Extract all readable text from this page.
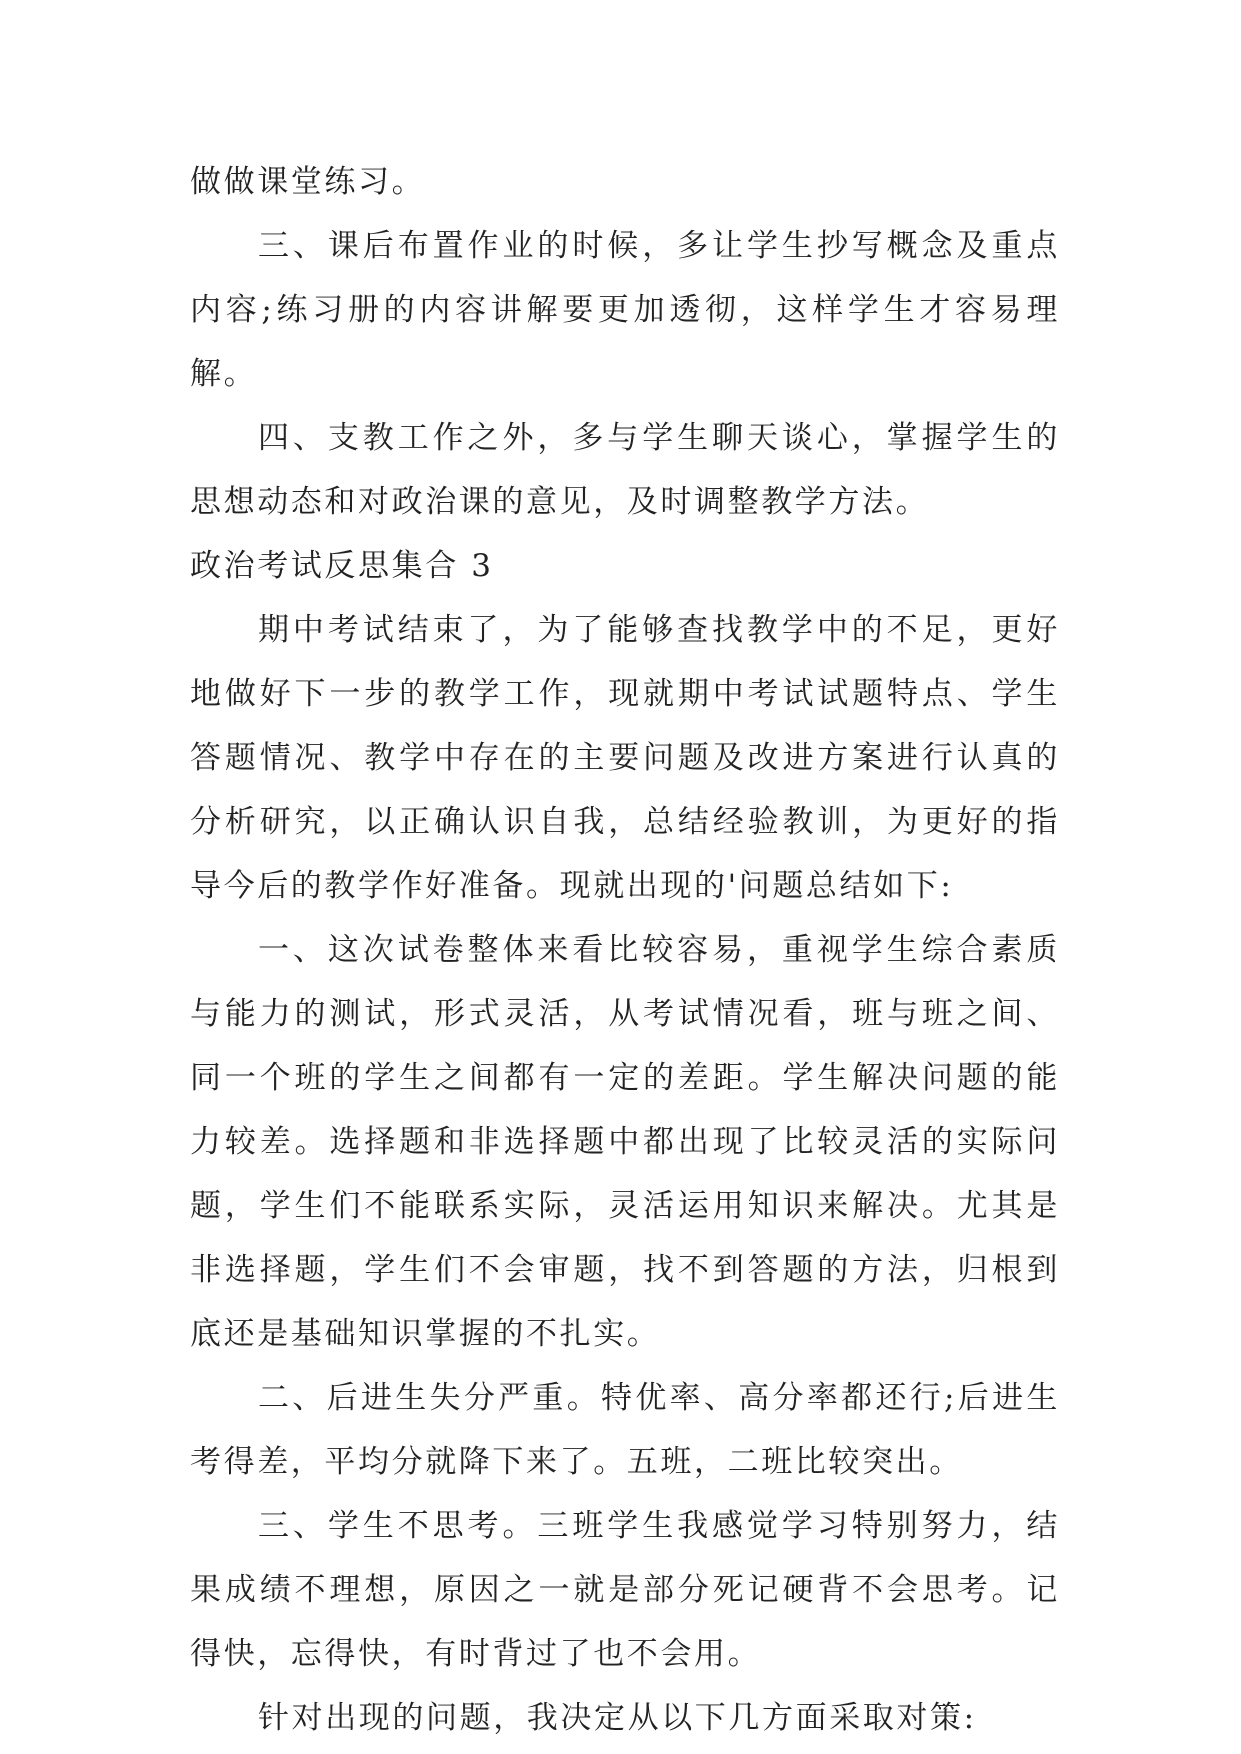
做做课堂练习。

三、课后布置作业的时候，多让学生抄写概念及重点内容;练习册的内容讲解要更加透彻，这样学生才容易理解。

四、支教工作之外，多与学生聊天谈心，掌握学生的思想动态和对政治课的意见，及时调整教学方法。

政治考试反思集合 3

期中考试结束了，为了能够查找教学中的不足，更好地做好下一步的教学工作，现就期中考试试题特点、学生答题情况、教学中存在的主要问题及改进方案进行认真的分析研究，以正确认识自我，总结经验教训，为更好的指导今后的教学作好准备。现就出现的'问题总结如下:

一、这次试卷整体来看比较容易，重视学生综合素质与能力的测试，形式灵活，从考试情况看，班与班之间、同一个班的学生之间都有一定的差距。学生解决问题的能力较差。选择题和非选择题中都出现了比较灵活的实际问题，学生们不能联系实际，灵活运用知识来解决。尤其是非选择题，学生们不会审题，找不到答题的方法，归根到底还是基础知识掌握的不扎实。

二、后进生失分严重。特优率、高分率都还行;后进生考得差，平均分就降下来了。五班，二班比较突出。

三、学生不思考。三班学生我感觉学习特别努力，结果成绩不理想，原因之一就是部分死记硬背不会思考。记得快，忘得快，有时背过了也不会用。

针对出现的问题，我决定从以下几方面采取对策:
